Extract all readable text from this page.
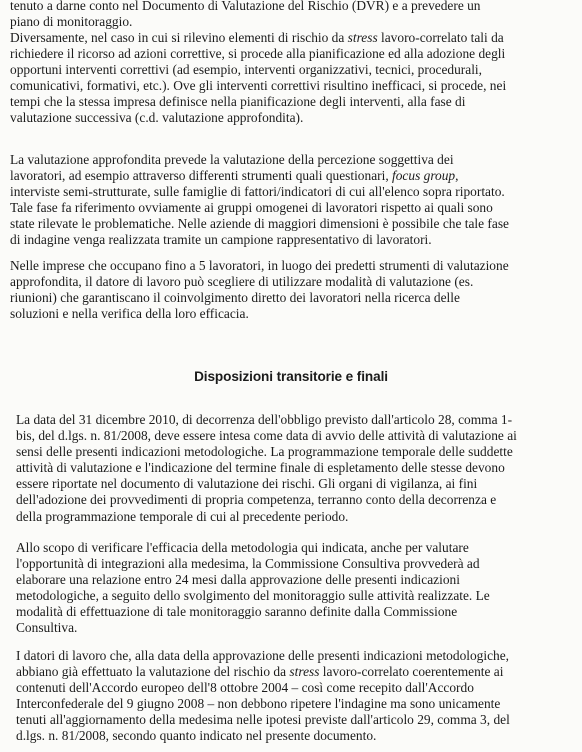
tenuto a darne conto nel Documento di Valutazione del Rischio (DVR) e a prevedere un
piano di monitoraggio.

Diversamente, nel caso in cui si rilevino elementi di rischio da stress lavoro-correlato tali da
richiedere il ricorso ad azioni correttive, si procede alla pianificazione ed alla adozione degli
opportuni interventi correttivi (ad esempio, interventi organizzativi, tecnici, procedurali,
comunicativi, formativi, etc.). Ove gli interventi correttivi risultino inefficaci, si procede, nei
tempi che la stessa impresa definisce nella pianificazione degli interventi, alla fase di
valutazione successiva (c.d. valutazione approfondita).

La valutazione approfondita prevede la valutazione della percezione soggettiva dei
lavoratori, ad esempio attraverso differenti strumenti quali questionari, focus group,
interviste semi-strutturate, sulle famiglie di fattori/indicatori di cui all'elenco sopra riportato.
Tale fase fa riferimento ovviamente ai gruppi omogenei di lavoratori rispetto ai quali sono
state rilevate le problematiche. Nelle aziende di maggiori dimensioni è possibile che tale fase
di indagine venga realizzata tramite un campione rappresentativo di lavoratori.

Nelle imprese che occupano fino a 5 lavoratori, in luogo dei predetti strumenti di valutazione
approfondita, il datore di lavoro può scegliere di utilizzare modalità di valutazione (es.
riunioni) che garantiscano il coinvolgimento diretto dei lavoratori nella ricerca delle
soluzioni e nella verifica della loro efficacia.

Disposizioni transitorie e finali

La data del 31 dicembre 2010, di decorrenza dell'obbligo previsto dall'articolo 28, comma 1-
bis, del d.lgs. n. 81/2008, deve essere intesa come data di avvio delle attività di valutazione ai
sensi delle presenti indicazioni metodologiche. La programmazione temporale delle suddette
attività di valutazione e l'indicazione del termine finale di espletamento delle stesse devono
essere riportate nel documento di valutazione dei rischi. Gli organi di vigilanza, ai fini
dell'adozione dei provvedimenti di propria competenza, terranno conto della decorrenza e
della programmazione temporale di cui al precedente periodo.

Allo scopo di verificare l'efficacia della metodologia qui indicata, anche per valutare
l'opportunità di integrazioni alla medesima, la Commissione Consultiva provvederà ad
elaborare una relazione entro 24 mesi dalla approvazione delle presenti indicazioni
metodologiche, a seguito dello svolgimento del monitoraggio sulle attività realizzate. Le
modalità di effettuazione di tale monitoraggio saranno definite dalla Commissione
Consultiva.

I datori di lavoro che, alla data della approvazione delle presenti indicazioni metodologiche,
abbiano già effettuato la valutazione del rischio da stress lavoro-correlato coerentemente ai
contenuti dell'Accordo europeo dell'8 ottobre 2004 – così come recepito dall'Accordo
Interconfederale del 9 giugno 2008 – non debbono ripetere l'indagine ma sono unicamente
tenuti all'aggiornamento della medesima nelle ipotesi previste dall'articolo 29, comma 3, del
d.lgs. n. 81/2008, secondo quanto indicato nel presente documento.
